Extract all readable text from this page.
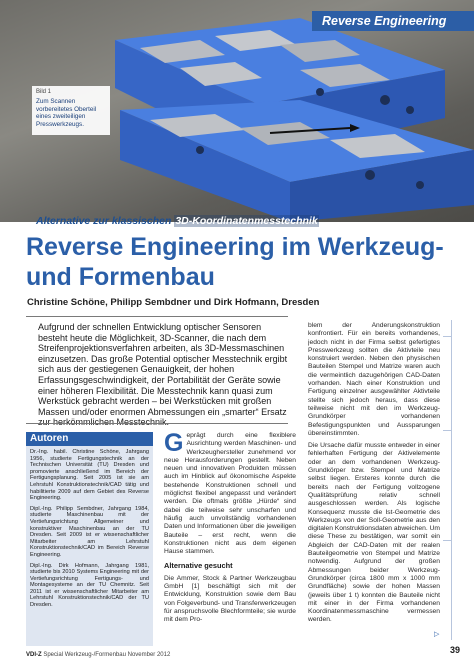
Bild 1
Zum Scannen vorbereitetes Oberteil eines zweiteiligen Presswerkzeugs.
Reverse Engineering
Alternative zur klassischen 3D-Koordinatenmesstechnik
Reverse Engineering im Werkzeug- und Formenbau
Christine Schöne, Philipp Sembdner und Dirk Hofmann, Dresden

Aufgrund der schnellen Entwicklung optischer Sensoren besteht heute die Möglichkeit, 3D-Scanner, die nach dem Streifenprojektionsverfahren arbeiten, als 3D-Messmaschinen einzusetzen. Das große Potential optischer Messtechnik ergibt sich aus der gestiegenen Genauigkeit, der hohen Erfassungsgeschwindigkeit, der Portabilität der Geräte sowie einer höheren Flexibilität. Die Messtechnik kann quasi zum Werkstück gebracht werden – bei Werkstücken mit großen Massen und/oder enormen Abmessungen ein „smarter“ Ersatz

Autoren

Dr.-Ing. habil. Christine Schöne, Jahrgang 1956, studierte Fertigungstechnik an der Technischen Universität (TU) Dresden und promovierte anschließend im Bereich der Fertigungsplanung. Seit 2005 ist sie am Lehrstuhl Konstruktionstechnik/CAD tätig und habilitierte 2009 auf dem Gebiet des Reverse Engineering.

Dipl.-Ing. Philipp Sembdner, Jahrgang 1984, studierte Maschinenbau mit der Vertiefungsrichtung Allgemeiner und konstruktiver Maschinenbau an der TU Dresden. Seit 2009 ist er wissenschaftlicher Mitarbeiter am Lehrstuhl Konstruktionstechnik/CAD im Bereich Reverse Engineering.

Dipl.-Ing. Dirk Hofmann, Jahrgang 1981, studierte bis 2010 Systems Engineering mit der Vertiefungsrichtung Fertigungs- und Montagesysteme an der TU Chemnitz. Seit 2011 ist er wissenschaftlicher Mitarbeiter am Lehrstuhl Konstruktionstechnik/CAD der TU Dresden.

G eprägt durch eine flexiblere Ausrichtung werden Maschinen- und Werkzeughersteller zunehmend vor neue Herausforderungen gestellt. Neben neuen und innovativen Produkten müssen auch im Hinblick auf ökonomische Aspekte bestehende Konstruktionen schnell und möglichst flexibel angepasst und verändert werden. Die oftmals größte „Hürde“ sind dabei die teilweise sehr unscharfen und häufig auch unvollständig vorhandenen Daten und Informationen über die jeweiligen Bauteile – erst recht, wenn die Konstruktionen nicht aus dem eigenen Hause stammen.

Alternative gesucht

Die Ammer, Stock & Partner Werkzeugbau GmbH [1] beschäftigt sich mit der Entwicklung, Konstruktion sowie dem Bau von Folgeverbund- und Transferwerkzeugen für anspruchsvolle Blechformteile; sie wurde mit dem Pro-

blem der Änderungskonstruktion konfrontiert. Für ein bereits vorhandenes, jedoch nicht in der Firma selbst gefertigtes Presswerkzeug sollten die Aktivteile neu konstruiert werden. Neben den physischen Bauteilen Stempel und Matrize waren auch die vermeintlich dazugehörigen CAD-Daten vorhanden. Nach einer Konstruktion und Fertigung einzelner ausgewählter Aktivteile stellte sich jedoch heraus, dass diese teilweise nicht mit den im Werkzeug-Grundkörper vorhandenen Befestigungspunkten und Aussparungen übereinstimmten.

Die Ursache dafür musste entweder in einer fehlerhaften Fertigung der Aktivelemente oder an dem vorhandenen Werkzeug-Grundkörper bzw. Stempel und Matrize selbst liegen. Ersteres konnte durch die bereits nach der Fertigung vollzogene Qualitätsprüfung relativ schnell ausgeschlossen werden. Als logische Konsequenz musste die Ist-Geometrie des Werkzeugs von der Soll-Geometrie aus den digitalen Konstruktionsdaten abweichen. Um diese These zu bestätigen, war somit ein Abgleich der CAD-Daten mit der realen Bauteilgeometrie von Stempel und Matrize notwendig. Aufgrund der großen Abmessungen beider Werkzeug-Grundkörper (circa 1800 mm x 1000 mm Grundfläche) sowie der hohen Massen (jeweils über 1 t) konnten die Bauteile nicht mit einer in der Firma vorhandenen Koordinatenmessmaschine vermessen werden.

▷
VDI-Z Special Werkzeug-/Formenbau November 2012	39
